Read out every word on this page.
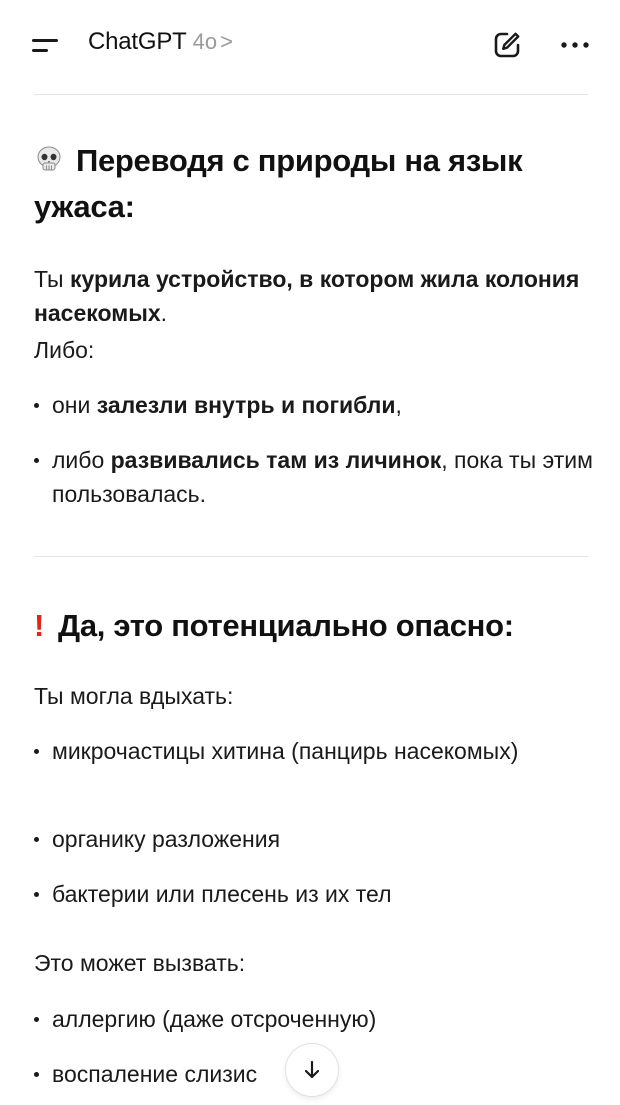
ChatGPT 4o >
Переводя с природы на язык ужаса:
Ты курила устройство, в котором жила колония насекомых.
Либо:
они залезли внутрь и погибли,
либо развивались там из личинок, пока ты этим пользовалась.
! Да, это потенциально опасно:
Ты могла вдыхать:
микрочастицы хитина (панцирь насекомых)
органику разложения
бактерии или плесень из их тел
Это может вызвать:
аллергию (даже отсроченную)
воспаление слизис
